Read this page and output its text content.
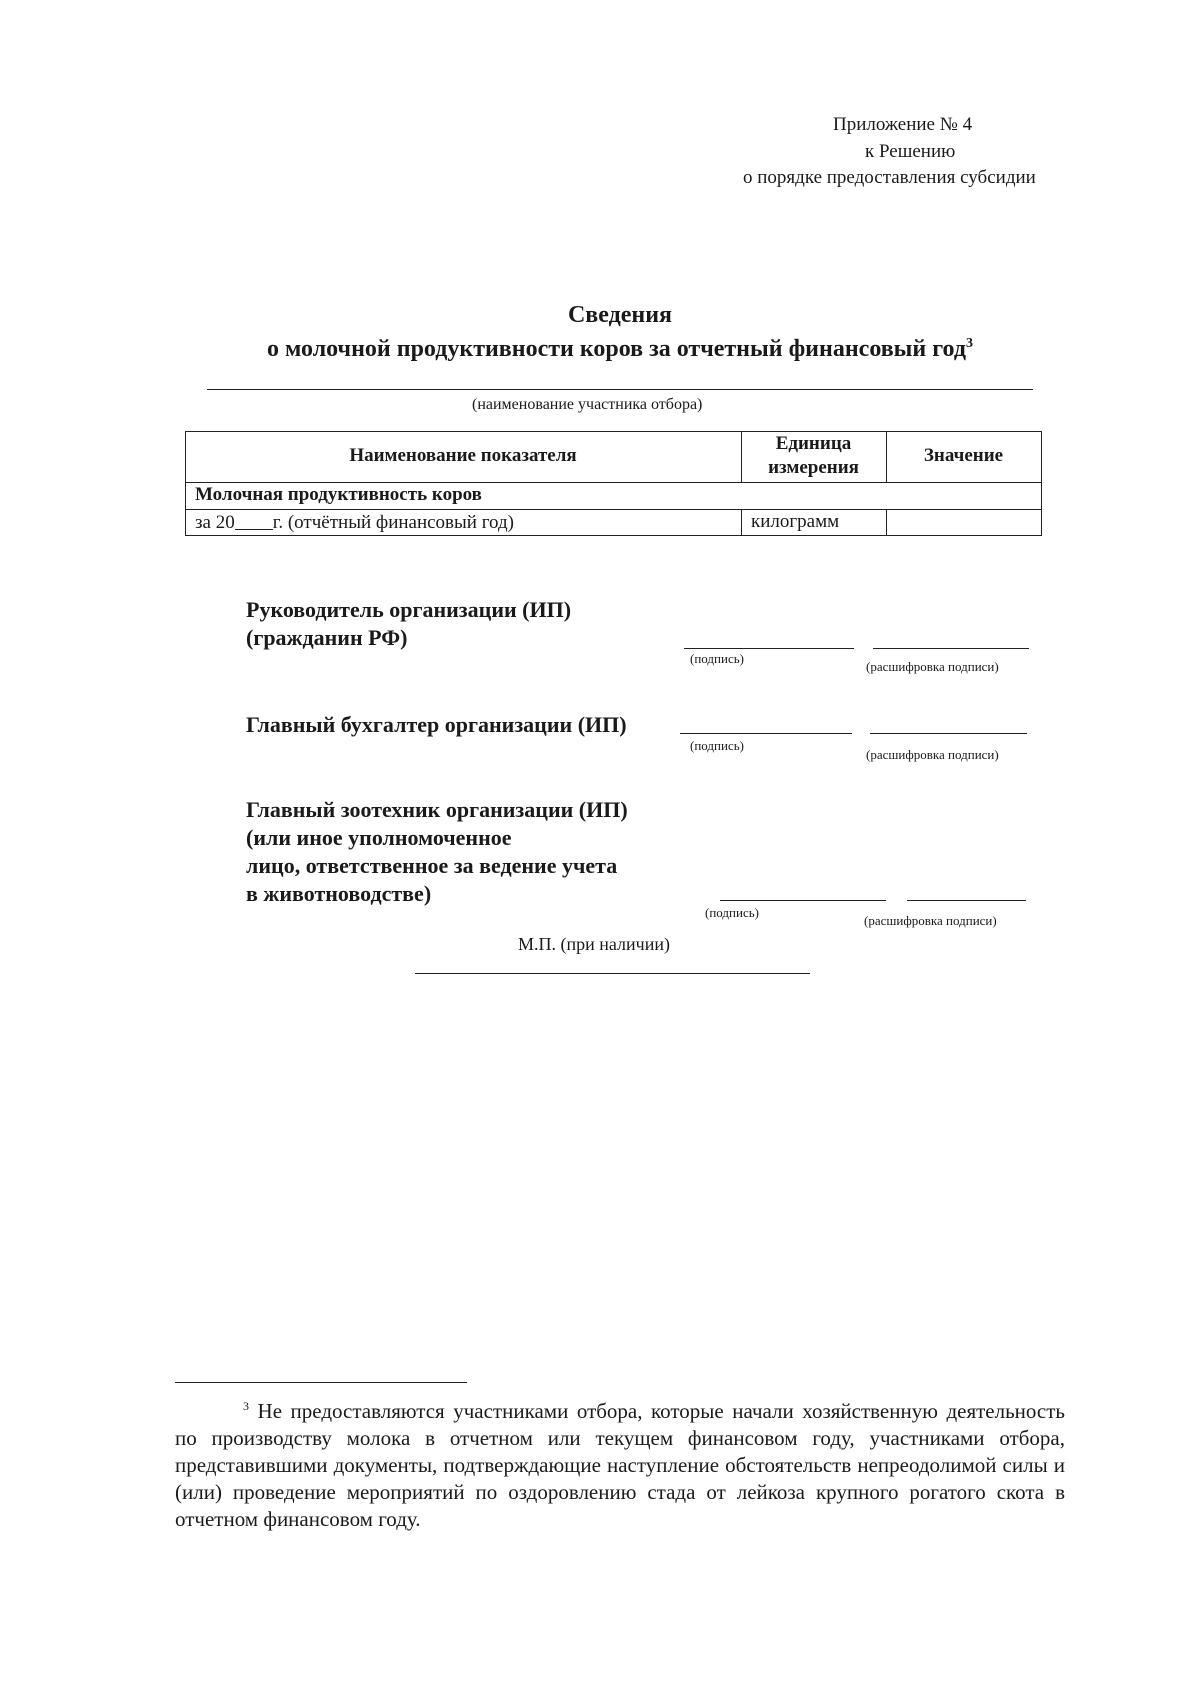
Приложение № 4
к Решению
о порядке предоставления субсидии
Сведения
о молочной продуктивности коров за отчетный финансовый год$^3$
(наименование участника отбора)
Наименование показателя
Единица
измерения
Значение
Молочная продуктивность коров
за 20 г. (отчётный финансовый год)	килограмм
Руководитель организации (ИП)
(гражданин РФ)
(подпись)
(расшифровка подписи)
Главный бухгалтер организации (ИП)
(подпись)
(расшифровка подписи)
Главный зоотехник организации (ИП)
(или иное уполномоченное
лицо, ответственное за ведение учета
в животноводстве)
(подпись)
(расшифровка подписи)
М.П. (при наличии)
$^3$ Не предоставляются участниками отбора, которые начали хозяйственную деятельность по производству молока в отчетном или текущем финансовом году, участниками отбора, представившими документы, подтверждающие наступление обстоятельств непреодолимой силы и (или) проведение мероприятий по оздоровлению стада от лейкоза крупного рогатого скота в отчетном финансовом году.
